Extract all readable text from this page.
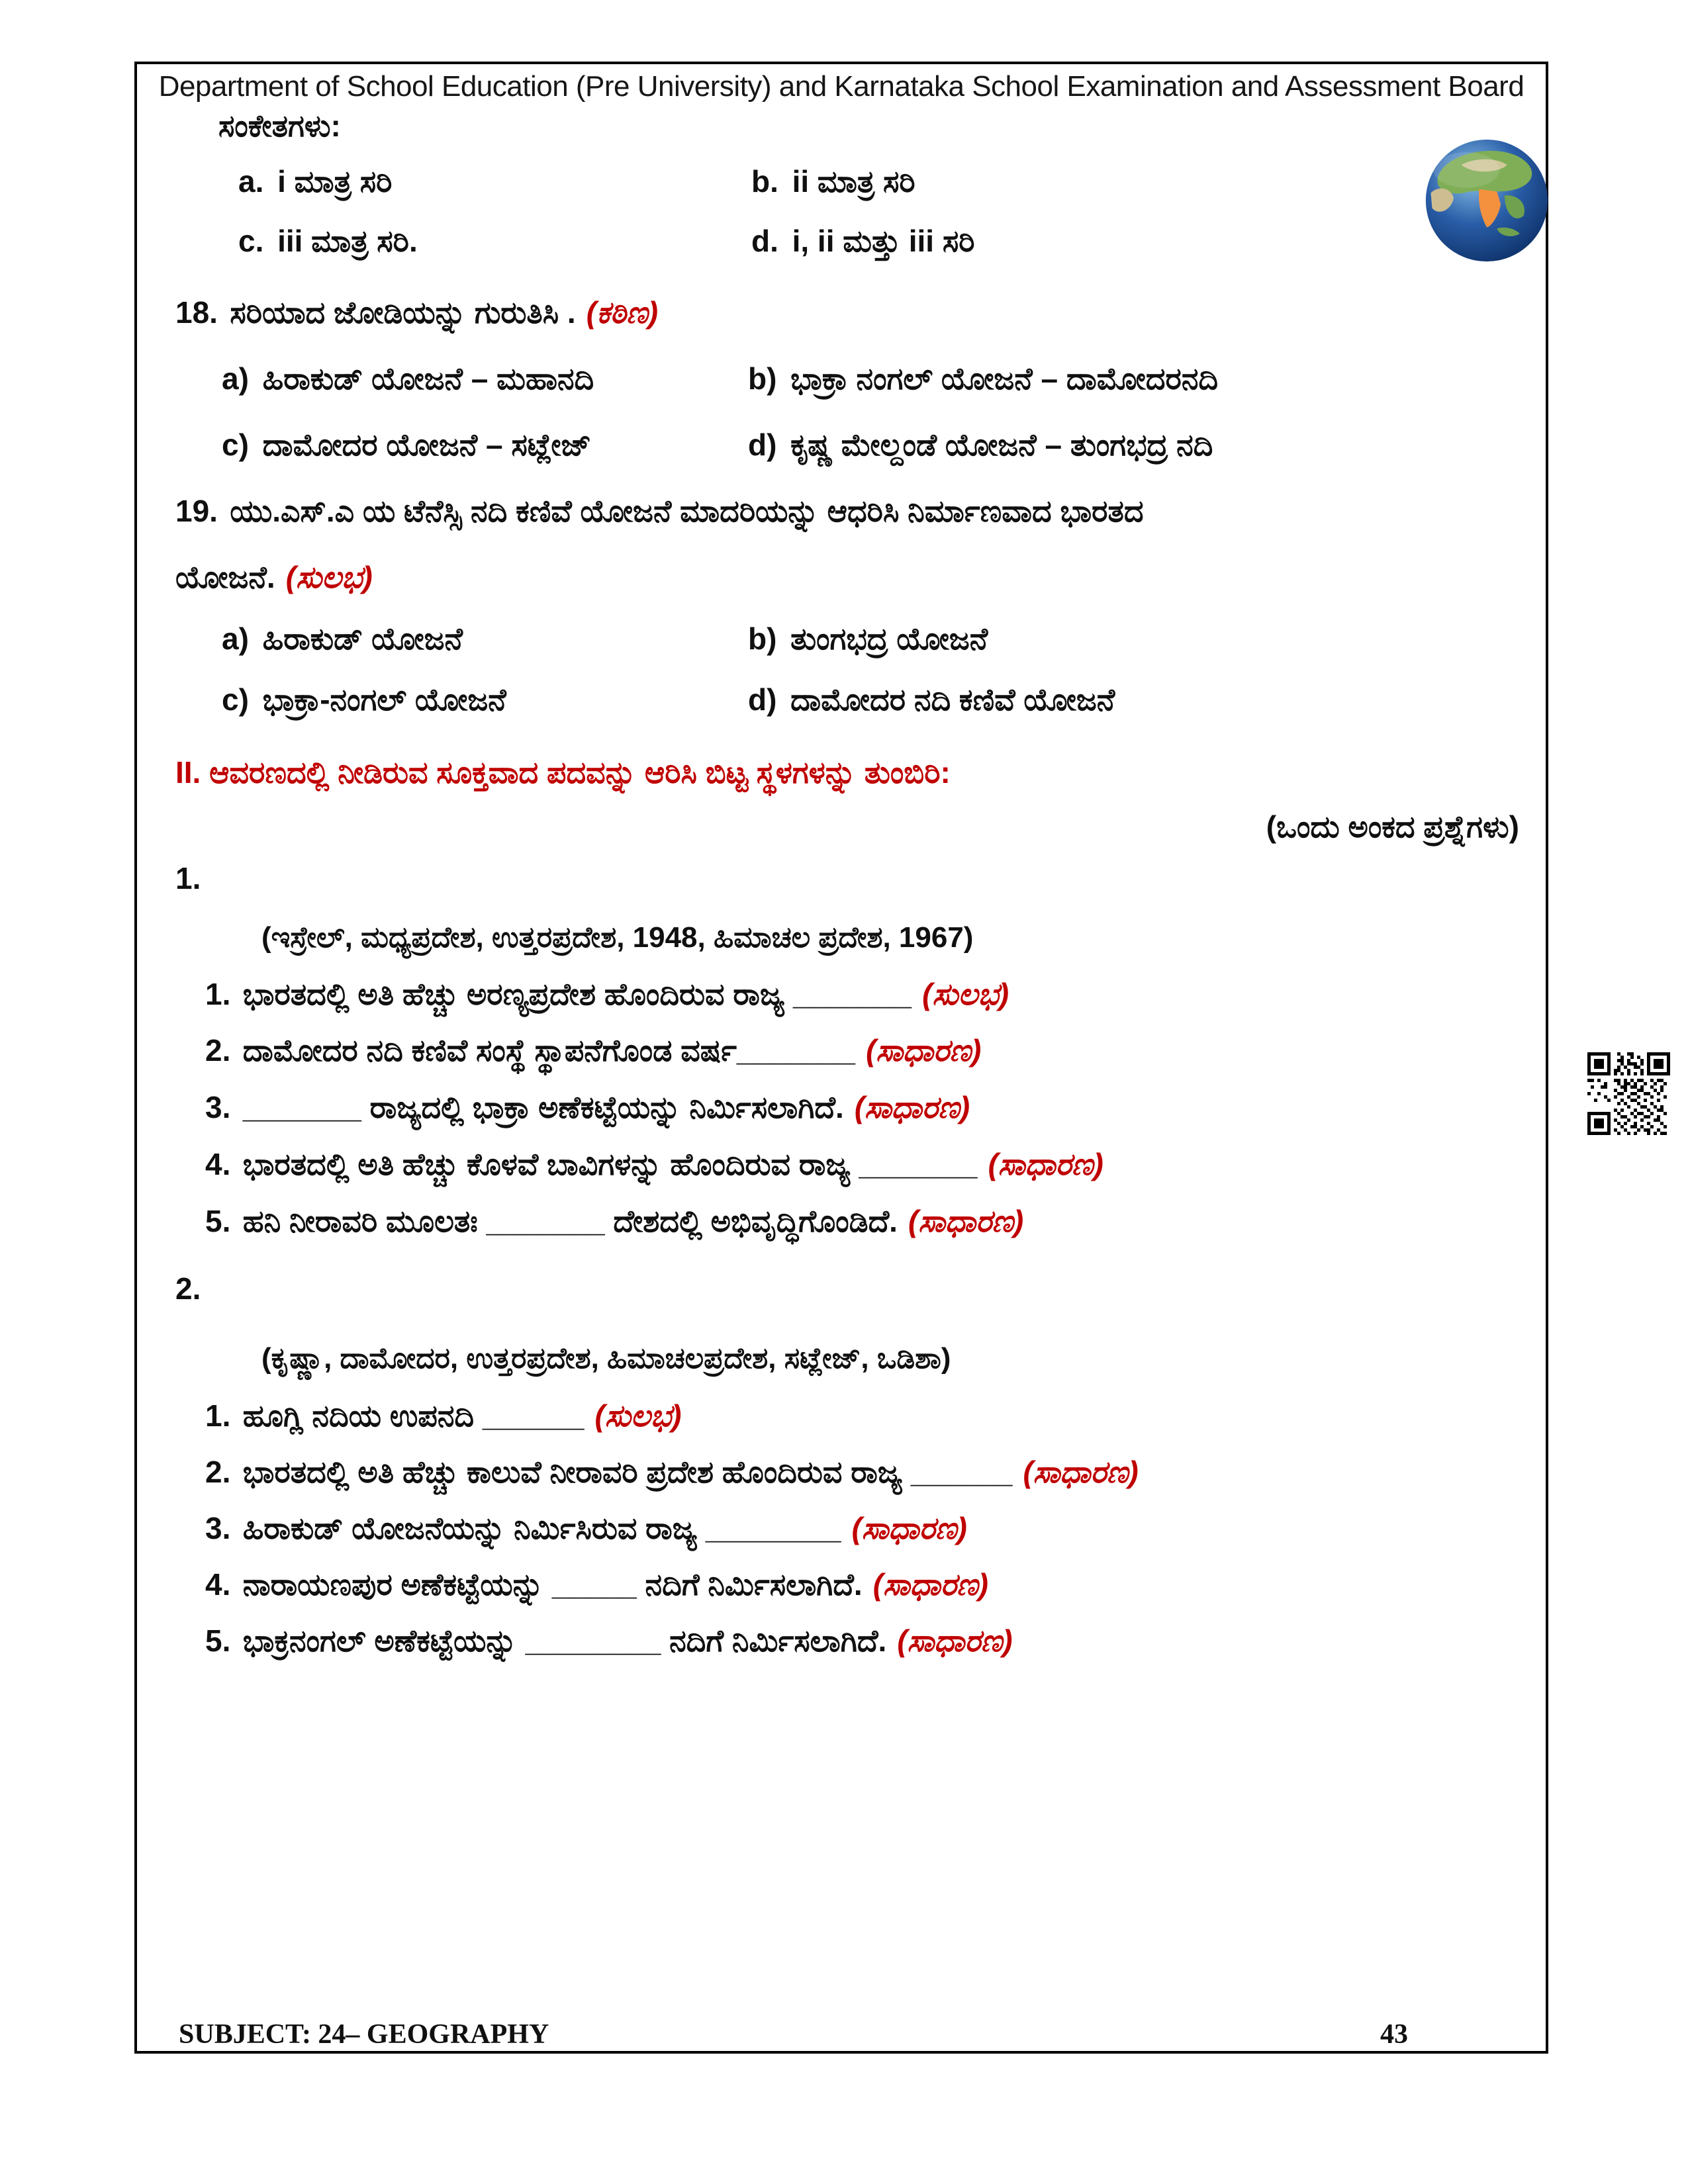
Department of School Education (Pre University) and Karnataka School Examination and Assessment Board
ಸಂಕೇತಗಳು:
a. i ಮಾತ್ರ ಸರಿ	b. ii ಮಾತ್ರ ಸರಿ
c. iii ಮಾತ್ರ ಸರಿ.	d. i, ii ಮತ್ತು iii ಸರಿ
18. ಸರಿಯಾದ ಜೋಡಿಯನ್ನು ಗುರುತಿಸಿ . (ಕಠಿಣ)
a) ಹಿರಾಕುಡ್ ಯೋಜನೆ – ಮಹಾನದಿ	b) ಭಾಕ್ರಾ ನಂಗಲ್ ಯೋಜನೆ – ದಾಮೋದರನದಿ
c) ದಾಮೋದರ ಯೋಜನೆ – ಸಟ್ಲೇಜ್	d) ಕೃಷ್ಣ ಮೇಲ್ದಂಡೆ ಯೋಜನೆ – ತುಂಗಭದ್ರ ನದಿ
19. ಯು.ಎಸ್.ಎ ಯ ಟೆನೆಸ್ಸಿ ನದಿ ಕಣಿವೆ ಯೋಜನೆ ಮಾದರಿಯನ್ನು ಆಧರಿಸಿ ನಿರ್ಮಾಣವಾದ ಭಾರತದ
ಯೋಜನೆ. (ಸುಲಭ)
a) ಹಿರಾಕುಡ್ ಯೋಜನೆ	b) ತುಂಗಭದ್ರ ಯೋಜನೆ
c) ಭಾಕ್ರಾ-ನಂಗಲ್ ಯೋಜನೆ	d) ದಾಮೋದರ ನದಿ ಕಣಿವೆ ಯೋಜನೆ
II. ಆವರಣದಲ್ಲಿ ನೀಡಿರುವ ಸೂಕ್ತವಾದ ಪದವನ್ನು ಆರಿಸಿ ಬಿಟ್ಟ ಸ್ಥಳಗಳನ್ನು ತುಂಬಿರಿ:
(ಒಂದು ಅಂಕದ ಪ್ರಶ್ನೆಗಳು)
1.
(ಇಸ್ರೇಲ್, ಮಧ್ಯಪ್ರದೇಶ, ಉತ್ತರಪ್ರದೇಶ, 1948, ಹಿಮಾಚಲ ಪ್ರದೇಶ, 1967)
1. ಭಾರತದಲ್ಲಿ ಅತಿ ಹೆಚ್ಚು ಅರಣ್ಯಪ್ರದೇಶ ಹೊಂದಿರುವ ರಾಜ್ಯ _______ (ಸುಲಭ)
2. ದಾಮೋದರ ನದಿ ಕಣಿವೆ ಸಂಸ್ಥೆ ಸ್ಥಾಪನೆಗೊಂಡ ವರ್ಷ_______ (ಸಾಧಾರಣ)
3. _______ ರಾಜ್ಯದಲ್ಲಿ ಭಾಕ್ರಾ ಅಣೆಕಟ್ಟೆಯನ್ನು ನಿರ್ಮಿಸಲಾಗಿದೆ. (ಸಾಧಾರಣ)
4. ಭಾರತದಲ್ಲಿ ಅತಿ ಹೆಚ್ಚು ಕೊಳವೆ ಬಾವಿಗಳನ್ನು ಹೊಂದಿರುವ ರಾಜ್ಯ _______ (ಸಾಧಾರಣ)
5. ಹನಿ ನೀರಾವರಿ ಮೂಲತಃ _______ ದೇಶದಲ್ಲಿ ಅಭಿವೃದ್ಧಿಗೊಂಡಿದೆ. (ಸಾಧಾರಣ)
2.
(ಕೃಷ್ಣಾ, ದಾಮೋದರ, ಉತ್ತರಪ್ರದೇಶ, ಹಿಮಾಚಲಪ್ರದೇಶ, ಸಟ್ಲೇಜ್, ಒಡಿಶಾ)
1. ಹೂಗ್ಲಿ ನದಿಯ ಉಪನದಿ ______ (ಸುಲಭ)
2. ಭಾರತದಲ್ಲಿ ಅತಿ ಹೆಚ್ಚು ಕಾಲುವೆ ನೀರಾವರಿ ಪ್ರದೇಶ ಹೊಂದಿರುವ ರಾಜ್ಯ ______ (ಸಾಧಾರಣ)
3. ಹಿರಾಕುಡ್ ಯೋಜನೆಯನ್ನು ನಿರ್ಮಿಸಿರುವ ರಾಜ್ಯ ________ (ಸಾಧಾರಣ)
4. ನಾರಾಯಣಪುರ ಅಣೆಕಟ್ಟೆಯನ್ನು _____ ನದಿಗೆ ನಿರ್ಮಿಸಲಾಗಿದೆ. (ಸಾಧಾರಣ)
5. ಭಾಕ್ರನಂಗಲ್ ಅಣೆಕಟ್ಟೆಯನ್ನು ________ ನದಿಗೆ ನಿರ್ಮಿಸಲಾಗಿದೆ. (ಸಾಧಾರಣ)
SUBJECT: 24– GEOGRAPHY	43
